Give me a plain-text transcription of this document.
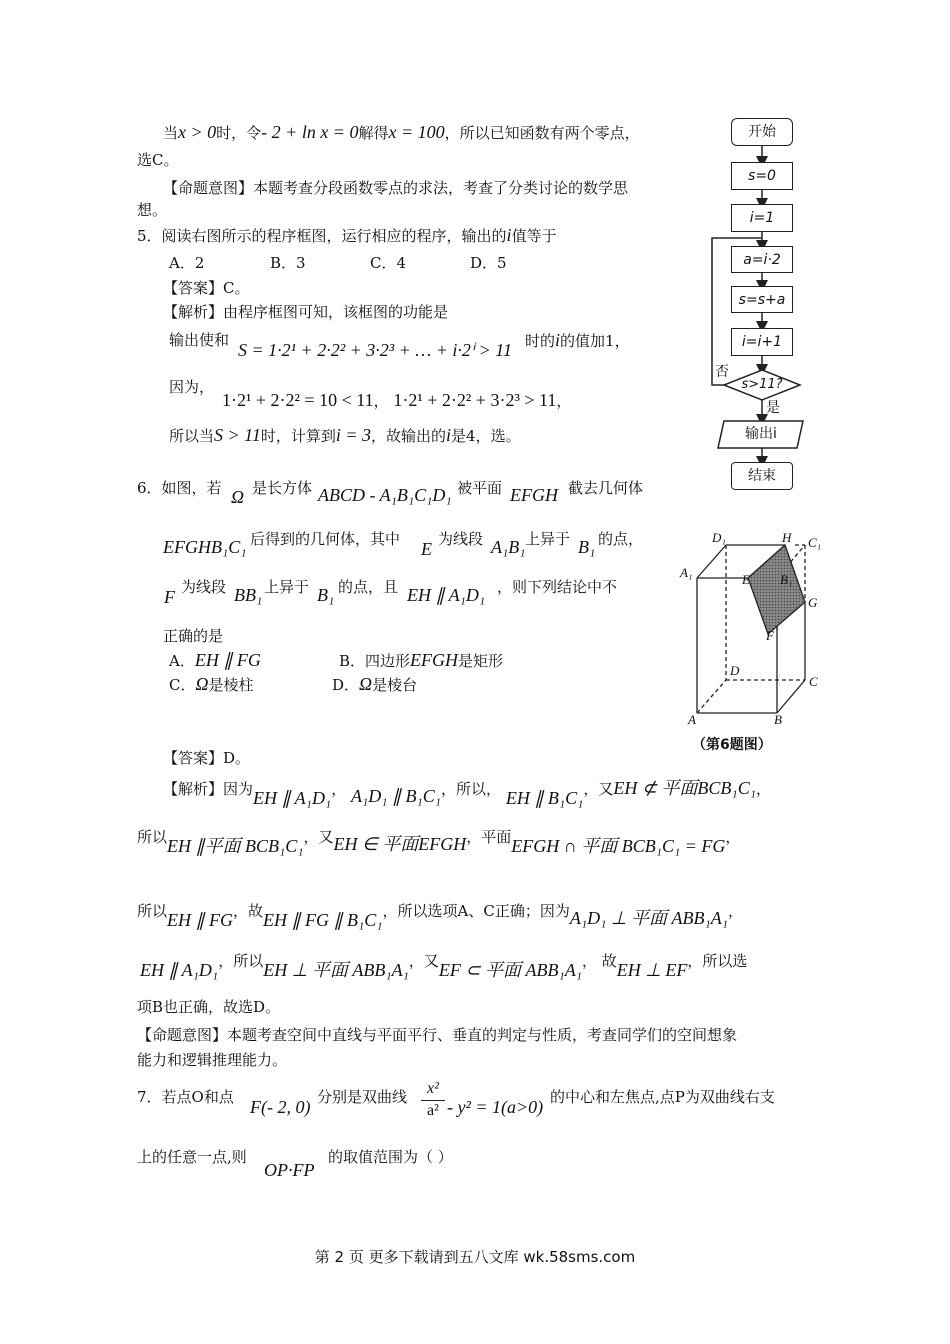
当x > 0时，令- 2 + ln x = 0解得x = 100，所以已知函数有两个零点，
选C。
【命题意图】本题考查分段函数零点的求法，考查了分类讨论的数学思
想。
5．阅读右图所示的程序框图，运行相应的程序，输出的i值等于
A．2	B．3	C．4	D．5
【答案】C。
【解析】由程序框图可知，该框图的功能是
输出使和 S = 1·2¹ + 2·2² + 3·2³ + … + i·2ⁱ > 11 时的i的值加1，
因为，
1·2¹ + 2·2² = 10 < 11， 1·2¹ + 2·2² + 3·2³ > 11，
所以当S > 11时，计算到i = 3，故输出的i是4，选。
开始
s=0
i=1
a=i·2
s=s+a
i=i+1
s>11?
否
是
输出i
结束
6．如图，若 Ω 是长方体 ABCD - A₁B₁C₁D₁ 被平面 EFGH 截去几何体
EFGHB₁C₁ 后得到的几何体，其中 E 为线段 A₁B₁ 上异于 B₁ 的点，
F 为线段 BB₁ 上异于 B₁ 的点，且 EH ∥ A₁D₁ ，则下列结论中不
正确的是
A．EH ∥ FG	B．四边形EFGH是矩形
C．Ω是棱柱	D．Ω是棱台
D₁	H C₁
A₁	E B₁
G
F
D
C
A	B
（第6题图）
【答案】D。
【解析】因为EH ∥ A₁D₁， A₁D₁ ∥ B₁C₁，所以， EH ∥ B₁C₁，又EH ⊄ 平面BCB₁C₁，
所以EH ∥平面 BCB₁C₁，又EH ∈ 平面EFGH，平面EFGH ∩ 平面 BCB₁C₁ = FG，
所以EH ∥ FG，故EH ∥ FG ∥ B₁C₁，所以选项A、C正确；因为A₁D₁ ⊥ 平面 ABB₁A₁，
EH ∥ A₁D₁，所以EH ⊥ 平面 ABB₁A₁，又EF ⊂ 平面 ABB₁A₁， 故EH ⊥ EF，所以选
项B也正确，故选D。
【命题意图】本题考查空间中直线与平面平行、垂直的判定与性质，考查同学们的空间想象
能力和逻辑推理能力。
7．若点O和点 F(- 2, 0) 分别是双曲线	x²
a² - y² = 1(a>0) 的中心和左焦点,点P为双曲线右支
上的任意一点,则
OP·FP
的取值范围为（ ）
第 2 页 更多下载请到五八文库 wk.58sms.com
